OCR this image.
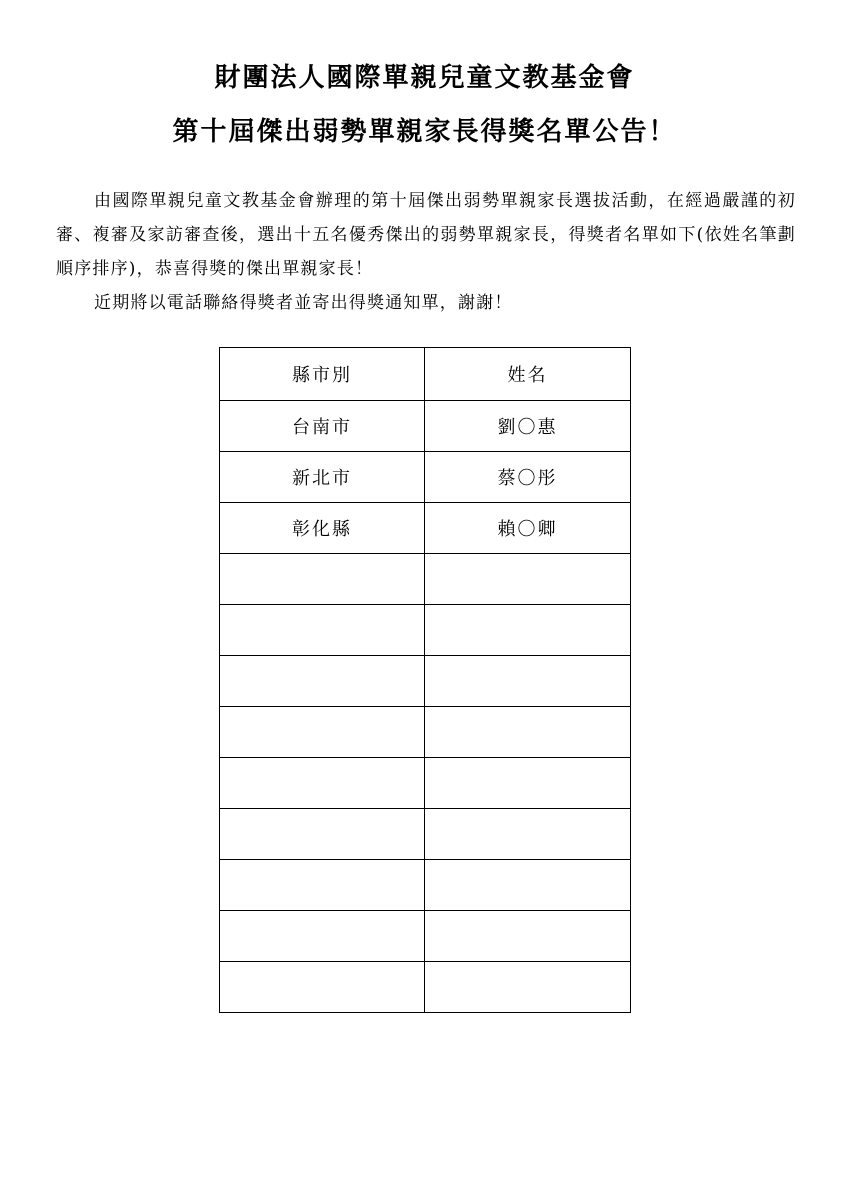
財團法人國際單親兒童文教基金會
第十屆傑出弱勢單親家長得獎名單公告！

由國際單親兒童文教基金會辦理的第十屆傑出弱勢單親家長選拔活動，在經過嚴謹的初審、複審及家訪審查後，選出十五名優秀傑出的弱勢單親家長，得獎者名單如下(依姓名筆劃順序排序)，恭喜得獎的傑出單親家長！

近期將以電話聯絡得獎者並寄出得獎通知單，謝謝！

縣市別	姓名
台南市	劉〇惠
新北市	蔡〇彤
彰化縣	賴〇卿
